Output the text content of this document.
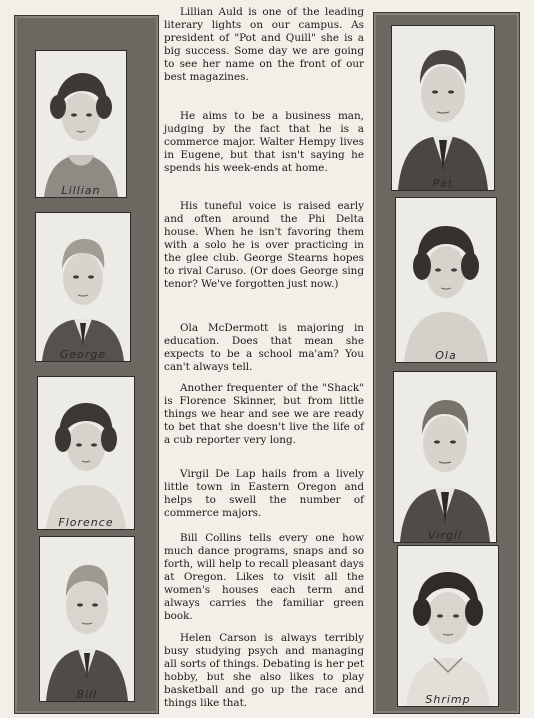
Lillian
George
Florence
Bill

Lillian Auld is one of the leading literary lights on our campus. As president of "Pot and Quill" she is a big success. Some day we are going to see her name on the front of our best magazines.

He aims to be a business man, judging by the fact that he is a commerce major. Walter Hempy lives in Eugene, but that isn't saying he spends his week-ends at home.

His tuneful voice is raised early and often around the Phi Delta house. When he isn't favoring them with a solo he is over practicing in the glee club. George Stearns hopes to rival Caruso. (Or does George sing tenor? We've forgotten just now.)

Ola McDermott is majoring in education. Does that mean she expects to be a school ma'am? You can't always tell.

Another frequenter of the "Shack" is Florence Skinner, but from little things we hear and see we are ready to bet that she doesn't live the life of a cub reporter very long.

Virgil De Lap hails from a lively little town in Eastern Oregon and helps to swell the number of commerce majors.

Bill Collins tells every one how much dance programs, snaps and so forth, will help to recall pleasant days at Oregon. Likes to visit all the women's houses each term and always carries the familiar green book.

Helen Carson is always terribly busy studying psych and managing all sorts of things. Debating is her pet hobby, but she also likes to play basketball and go up the race and things like that.

Pat
Ola
Virgil
Shrimp
